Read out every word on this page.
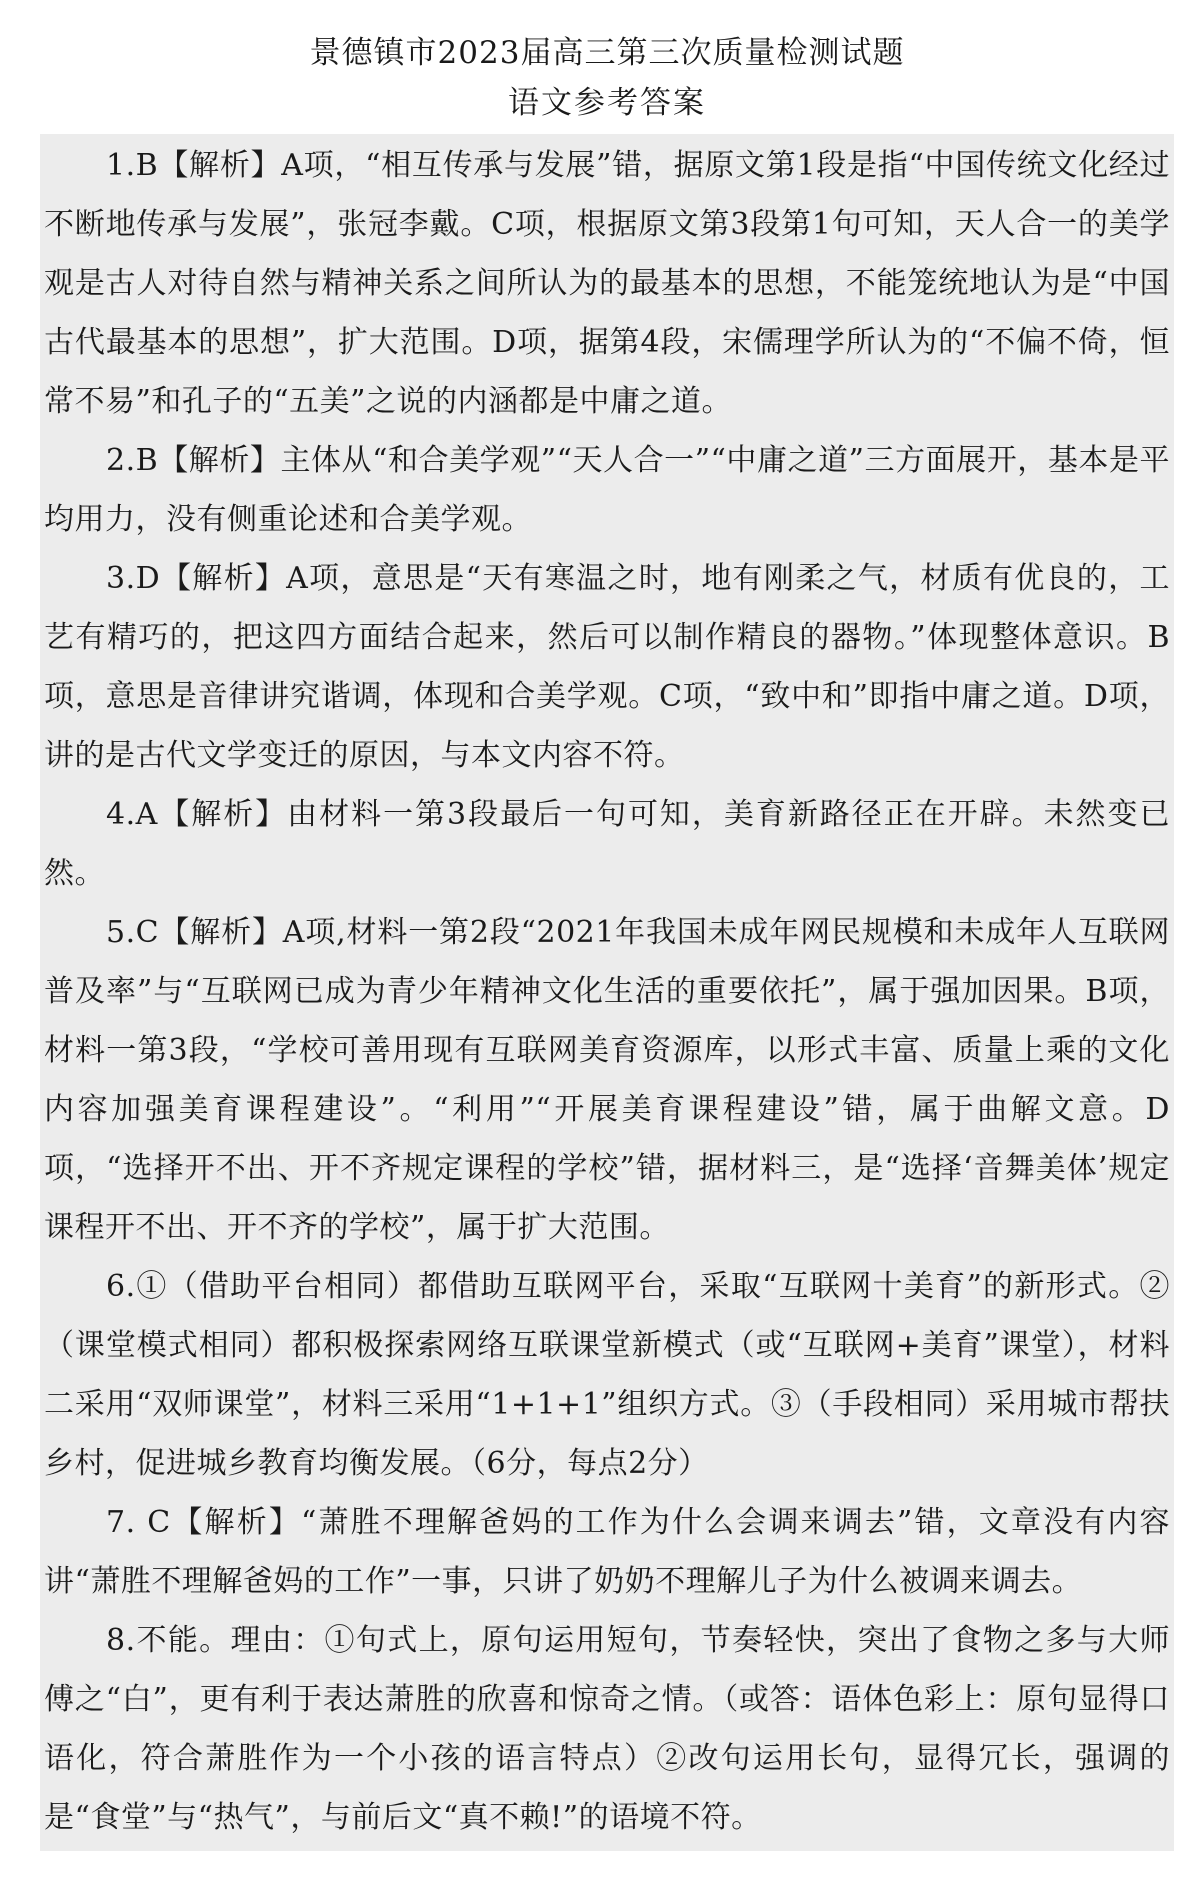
景德镇市2023届高三第三次质量检测试题
语文参考答案

1.B【解析】A项，“相互传承与发展”错，据原文第1段是指“中国传统文化经过不断地传承与发展”，张冠李戴。C项，根据原文第3段第1句可知，天人合一的美学观是古人对待自然与精神关系之间所认为的最基本的思想，不能笼统地认为是“中国古代最基本的思想”，扩大范围。D项，据第4段，宋儒理学所认为的“不偏不倚，恒常不易”和孔子的“五美”之说的内涵都是中庸之道。

2.B【解析】主体从“和合美学观”“天人合一”“中庸之道”三方面展开，基本是平均用力，没有侧重论述和合美学观。

3.D【解析】A项，意思是“天有寒温之时，地有刚柔之气，材质有优良的，工艺有精巧的，把这四方面结合起来，然后可以制作精良的器物。”体现整体意识。B项，意思是音律讲究谐调，体现和合美学观。C项，“致中和”即指中庸之道。D项，讲的是古代文学变迁的原因，与本文内容不符。

4.A【解析】由材料一第3段最后一句可知，美育新路径正在开辟。未然变已然。

5.C【解析】A项,材料一第2段“2021年我国未成年网民规模和未成年人互联网普及率”与“互联网已成为青少年精神文化生活的重要依托”，属于强加因果。B项，材料一第3段，“学校可善用现有互联网美育资源库，以形式丰富、质量上乘的文化内容加强美育课程建设”。“利用”“开展美育课程建设”错，属于曲解文意。D项，“选择开不出、开不齐规定课程的学校”错，据材料三，是“选择‘音舞美体’规定课程开不出、开不齐的学校”，属于扩大范围。

6.①（借助平台相同）都借助互联网平台，采取“互联网十美育”的新形式。②（课堂模式相同）都积极探索网络互联课堂新模式（或“互联网+美育”课堂），材料二采用“双师课堂”，材料三采用“1+1+1”组织方式。③（手段相同）采用城市帮扶乡村，促进城乡教育均衡发展。（6分，每点2分）

7. C【解析】“萧胜不理解爸妈的工作为什么会调来调去”错，文章没有内容讲“萧胜不理解爸妈的工作”一事，只讲了奶奶不理解儿子为什么被调来调去。

8.不能。理由：①句式上，原句运用短句，节奏轻快，突出了食物之多与大师傅之“白”，更有利于表达萧胜的欣喜和惊奇之情。（或答：语体色彩上：原句显得口语化，符合萧胜作为一个小孩的语言特点）②改句运用长句，显得冗长，强调的是“食堂”与“热气”，与前后文“真不赖!”的语境不符。
